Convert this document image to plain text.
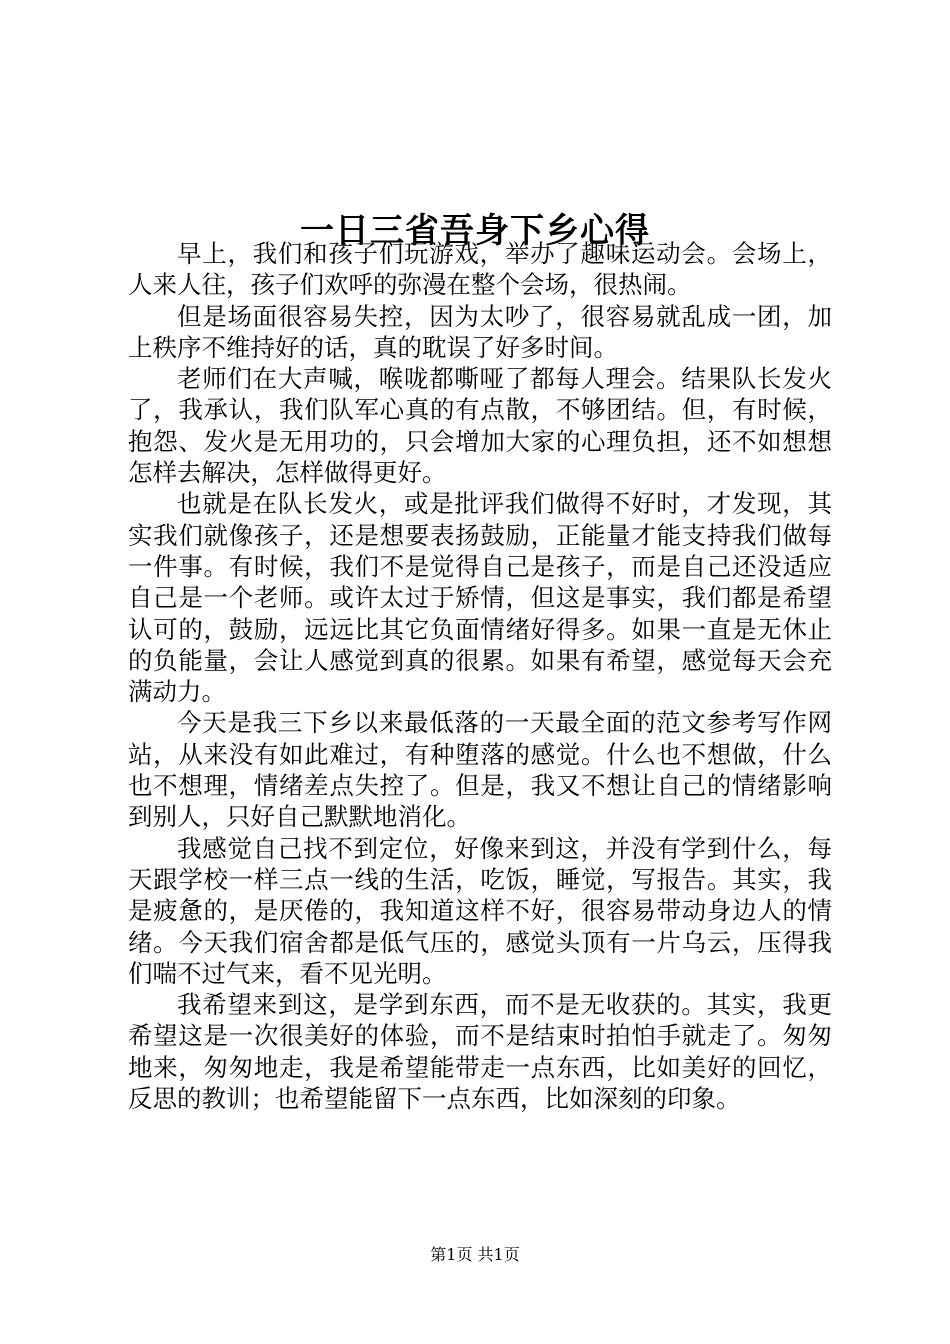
一日三省吾身下乡心得

早上，我们和孩子们玩游戏，举办了趣味运动会。会场上，人来人往，孩子们欢呼的弥漫在整个会场，很热闹。

但是场面很容易失控，因为太吵了，很容易就乱成一团，加上秩序不维持好的话，真的耽误了好多时间。

老师们在大声喊，喉咙都嘶哑了都每人理会。结果队长发火了，我承认，我们队军心真的有点散，不够团结。但，有时候，抱怨、发火是无用功的，只会增加大家的心理负担，还不如想想怎样去解决，怎样做得更好。

也就是在队长发火，或是批评我们做得不好时，才发现，其实我们就像孩子，还是想要表扬鼓励，正能量才能支持我们做每一件事。有时候，我们不是觉得自己是孩子，而是自己还没适应自己是一个老师。或许太过于矫情，但这是事实，我们都是希望认可的，鼓励，远远比其它负面情绪好得多。如果一直是无休止的负能量，会让人感觉到真的很累。如果有希望，感觉每天会充满动力。

今天是我三下乡以来最低落的一天最全面的范文参考写作网站，从来没有如此难过，有种堕落的感觉。什么也不想做，什么也不想理，情绪差点失控了。但是，我又不想让自己的情绪影响到别人，只好自己默默地消化。

我感觉自己找不到定位，好像来到这，并没有学到什么，每天跟学校一样三点一线的生活，吃饭，睡觉，写报告。其实，我是疲惫的，是厌倦的，我知道这样不好，很容易带动身边人的情绪。今天我们宿舍都是低气压的，感觉头顶有一片乌云，压得我们喘不过气来，看不见光明。

我希望来到这，是学到东西，而不是无收获的。其实，我更希望这是一次很美好的体验，而不是结束时拍怕手就走了。匆匆地来，匆匆地走，我是希望能带走一点东西，比如美好的回忆，反思的教训；也希望能留下一点东西，比如深刻的印象。

第1页 共1页
